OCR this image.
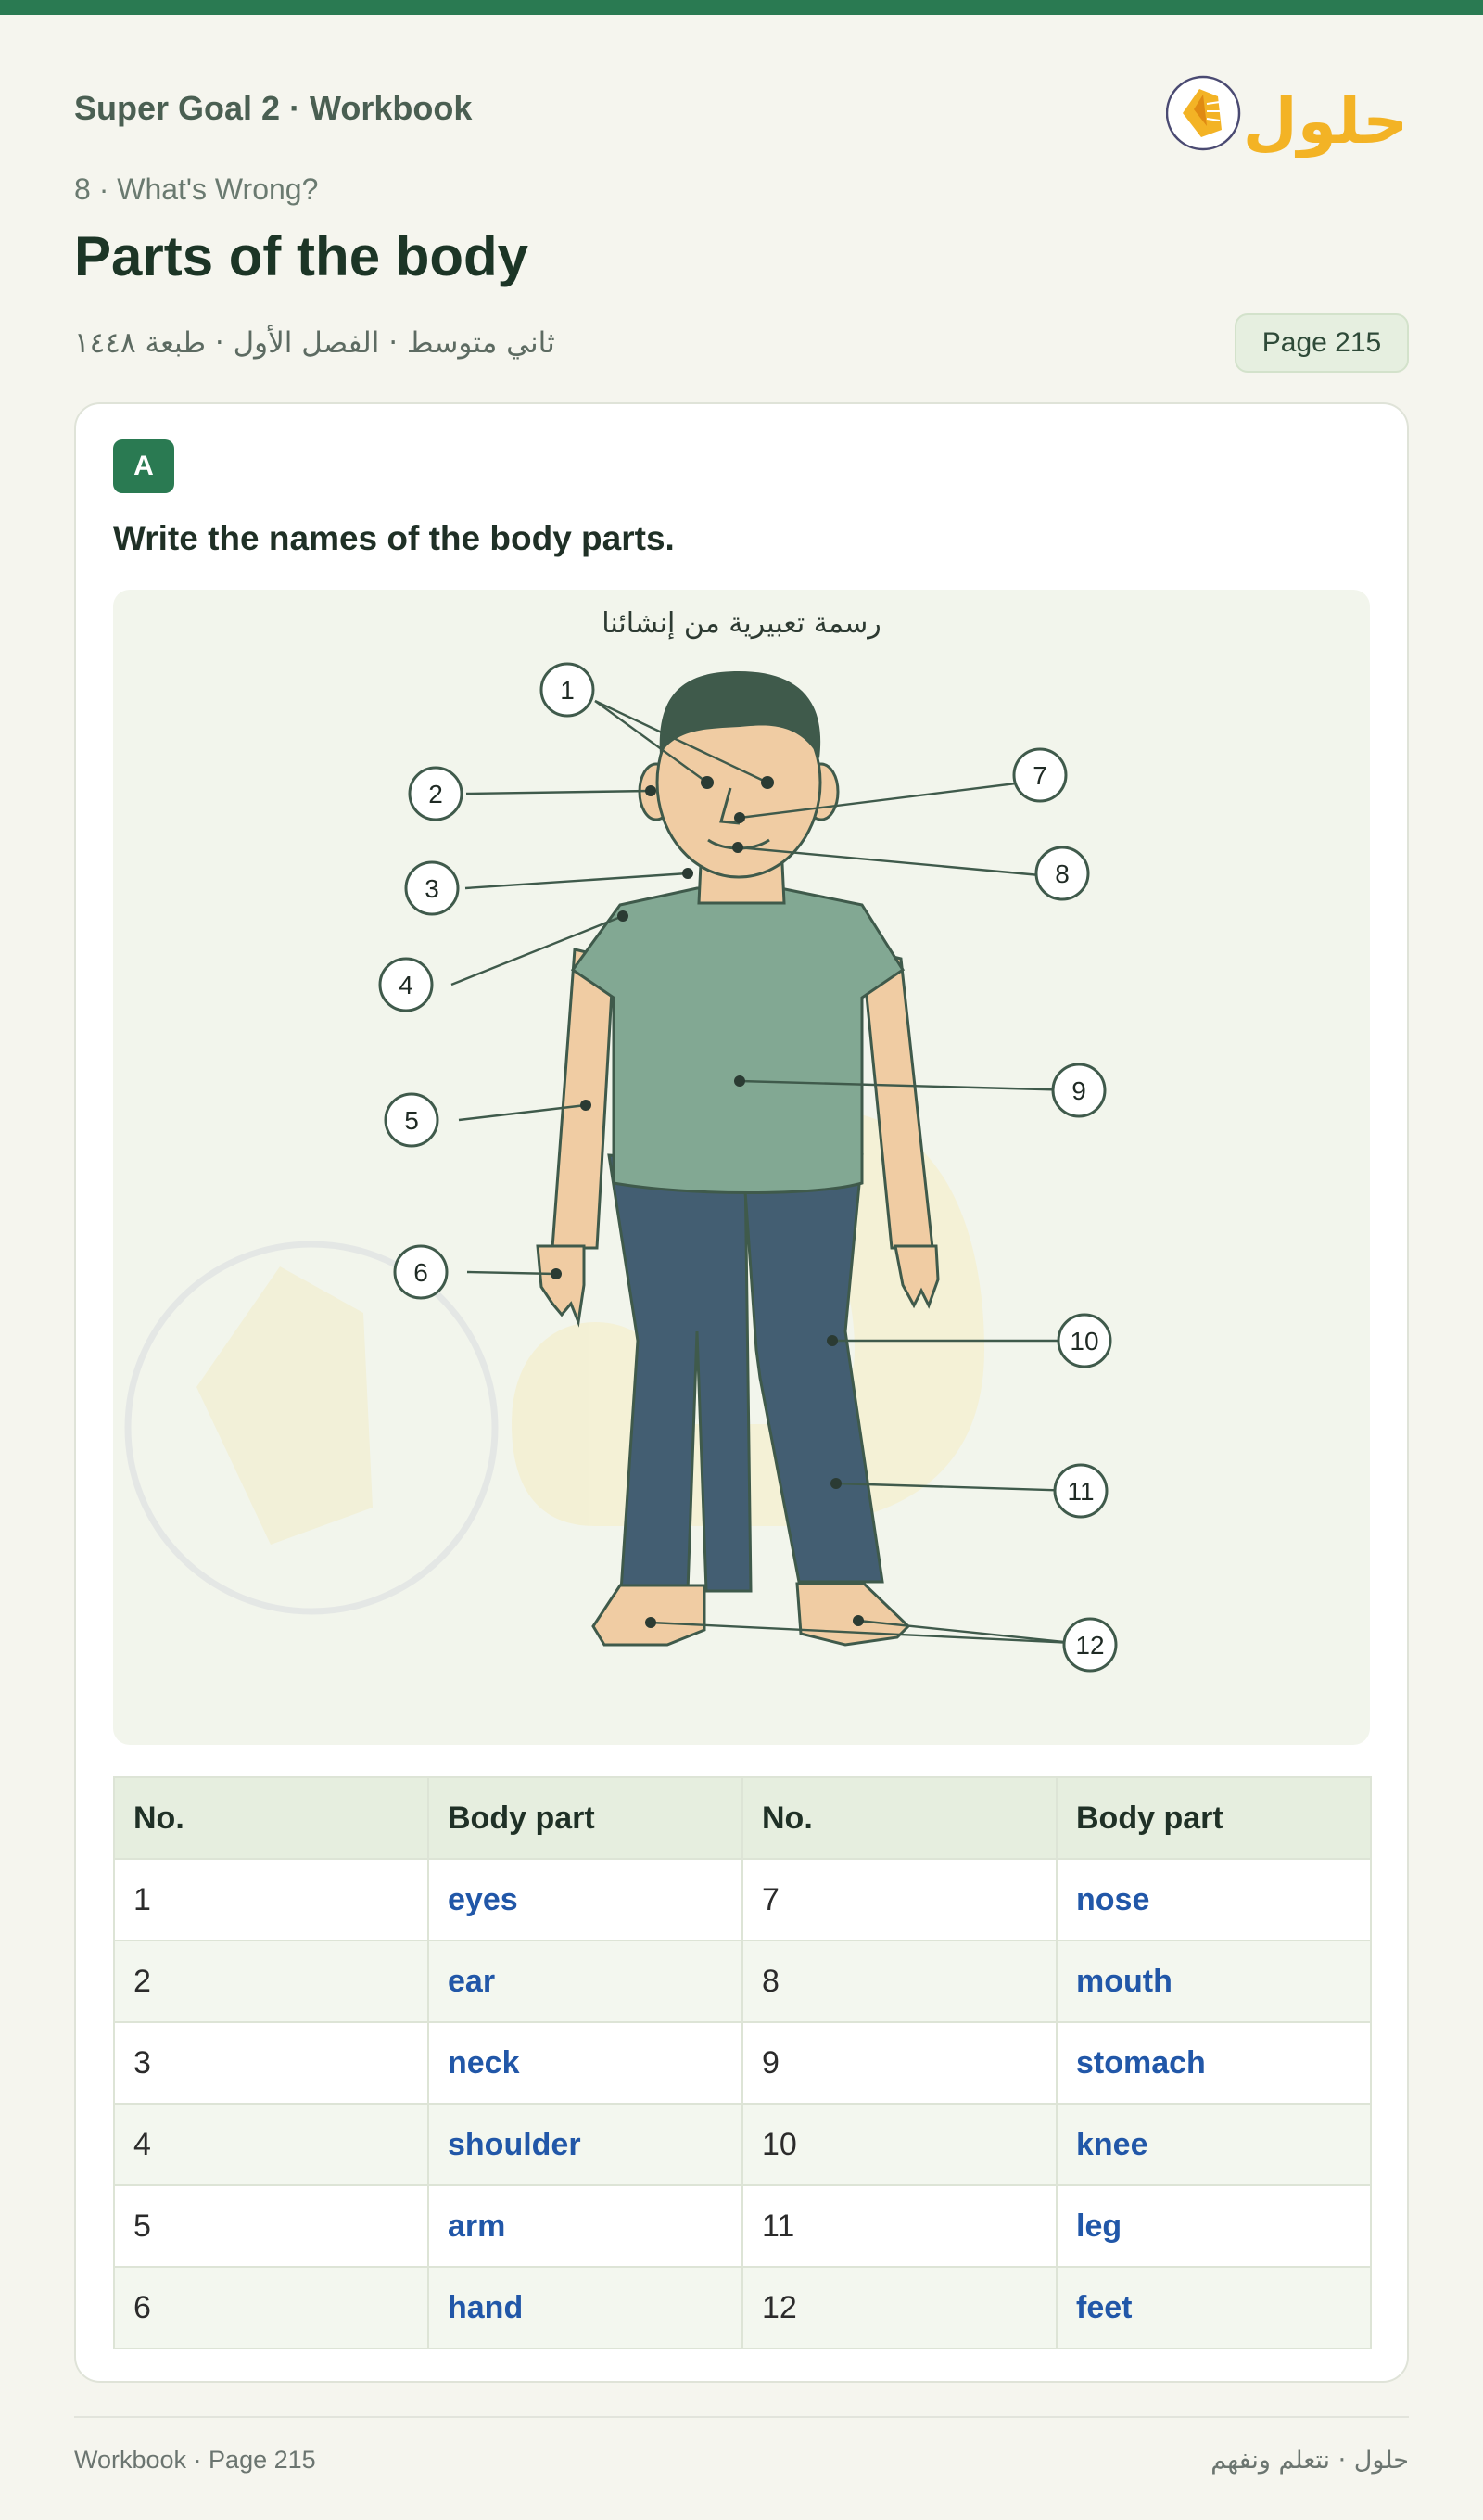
Super Goal 2 · Workbook	حلول
8 · What's Wrong?
Parts of the body
ثاني متوسط · الفصل الأول · طبعة ١٤٤٨	Page 215
A
Write the names of the body parts.
رسمة تعبيرية من إنشائنا
1
2
3
4
5
6
7
8
9
10
11
12
No.	Body part	No.	Body part
1	eyes	7	nose
2	ear	8	mouth
3	neck	9	stomach
4	shoulder	10	knee
5	arm	11	leg
6	hand	12	feet
Workbook · Page 215	حلول · نتعلم ونفهم
